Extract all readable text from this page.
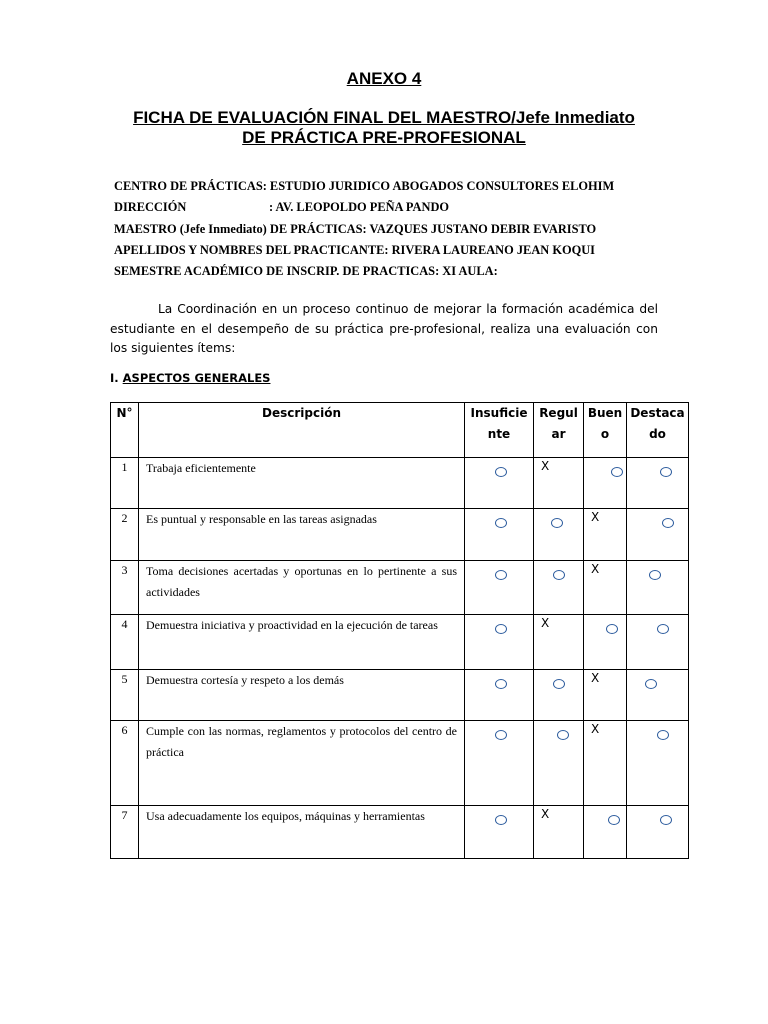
ANEXO 4
FICHA DE EVALUACIÓN FINAL DEL MAESTRO/Jefe Inmediato
DE PRÁCTICA PRE-PROFESIONAL
CENTRO DE PRÁCTICAS: ESTUDIO JURIDICO ABOGADOS CONSULTORES ELOHIM
DIRECCIÓN	: AV. LEOPOLDO PEÑA PANDO
MAESTRO (Jefe Inmediato) DE PRÁCTICAS: VAZQUES JUSTANO DEBIR EVARISTO
APELLIDOS Y NOMBRES DEL PRACTICANTE: RIVERA LAUREANO JEAN KOQUI
SEMESTRE ACADÉMICO DE INSCRIP. DE PRACTICAS: XI AULA:
La Coordinación en un proceso continuo de mejorar la formación académica del estudiante en el desempeño de su práctica pre-profesional, realiza una evaluación con los siguientes ítems:
I. ASPECTOS GENERALES
N°	Descripción	Insuficiente	Regular	Bueno	Destacado

1	Trabaja eficientemente		X		

2	Es puntual y responsable en las tareas asignadas			X	

3	Toma decisiones acertadas y oportunas en lo pertinente a sus actividades			X	

4	Demuestra iniciativa y proactividad en la ejecución de tareas		X		

5	Demuestra cortesía y respeto a los demás			X	

6	Cumple con las normas, reglamentos y protocolos del centro de práctica			X	

7	Usa adecuadamente los equipos, máquinas y herramientas		X		
